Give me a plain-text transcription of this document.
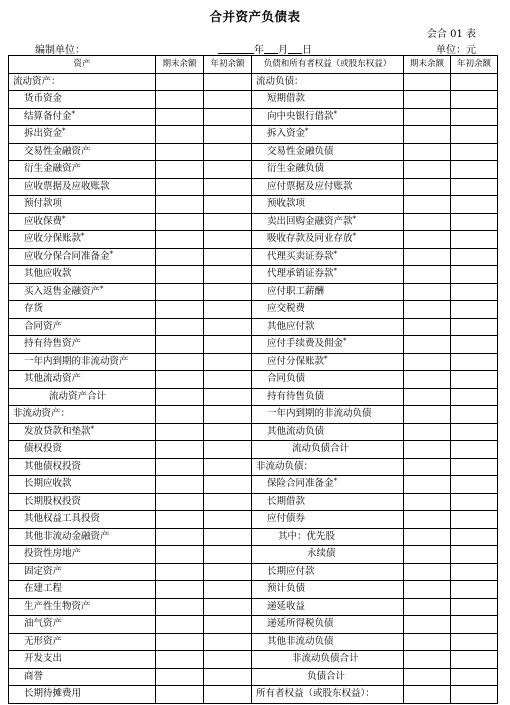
合并资产负债表
会合 01 表
编制单位：	年 月 日	单位：元
资产	期末余额	年初余额	负债和所有者权益（或股东权益）	期末余额	年初余额
流动资产：			流动负债：		
货币资金			短期借款		
结算备付金*			向中央银行借款*		
拆出资金*			拆入资金*		
交易性金融资产			交易性金融负债		
衍生金融资产			衍生金融负债		
应收票据及应收账款			应付票据及应付账款		
预付款项			预收款项		
应收保费*			卖出回购金融资产款*		
应收分保账款*			吸收存款及同业存放*		
应收分保合同准备金*			代理买卖证券款*		
其他应收款			代理承销证券款*		
买入返售金融资产*			应付职工薪酬		
存货			应交税费		
合同资产			其他应付款		
持有待售资产			应付手续费及佣金*		
一年内到期的非流动资产			应付分保账款*		
其他流动资产			合同负债		
流动资产合计			持有待售负债		
非流动资产：			一年内到期的非流动负债		
发放贷款和垫款*			其他流动负债		
债权投资			流动负债合计		
其他债权投资			非流动负债：		
长期应收款			保险合同准备金*		
长期股权投资			长期借款		
其他权益工具投资			应付债券		
其他非流动金融资产			其中：优先股		
投资性房地产			永续债		
固定资产			长期应付款		
在建工程			预计负债		
生产性生物资产			递延收益		
油气资产			递延所得税负债		
无形资产			其他非流动负债		
开发支出			非流动负债合计		
商誉			负债合计		
长期待摊费用			所有者权益（或股东权益）：		
